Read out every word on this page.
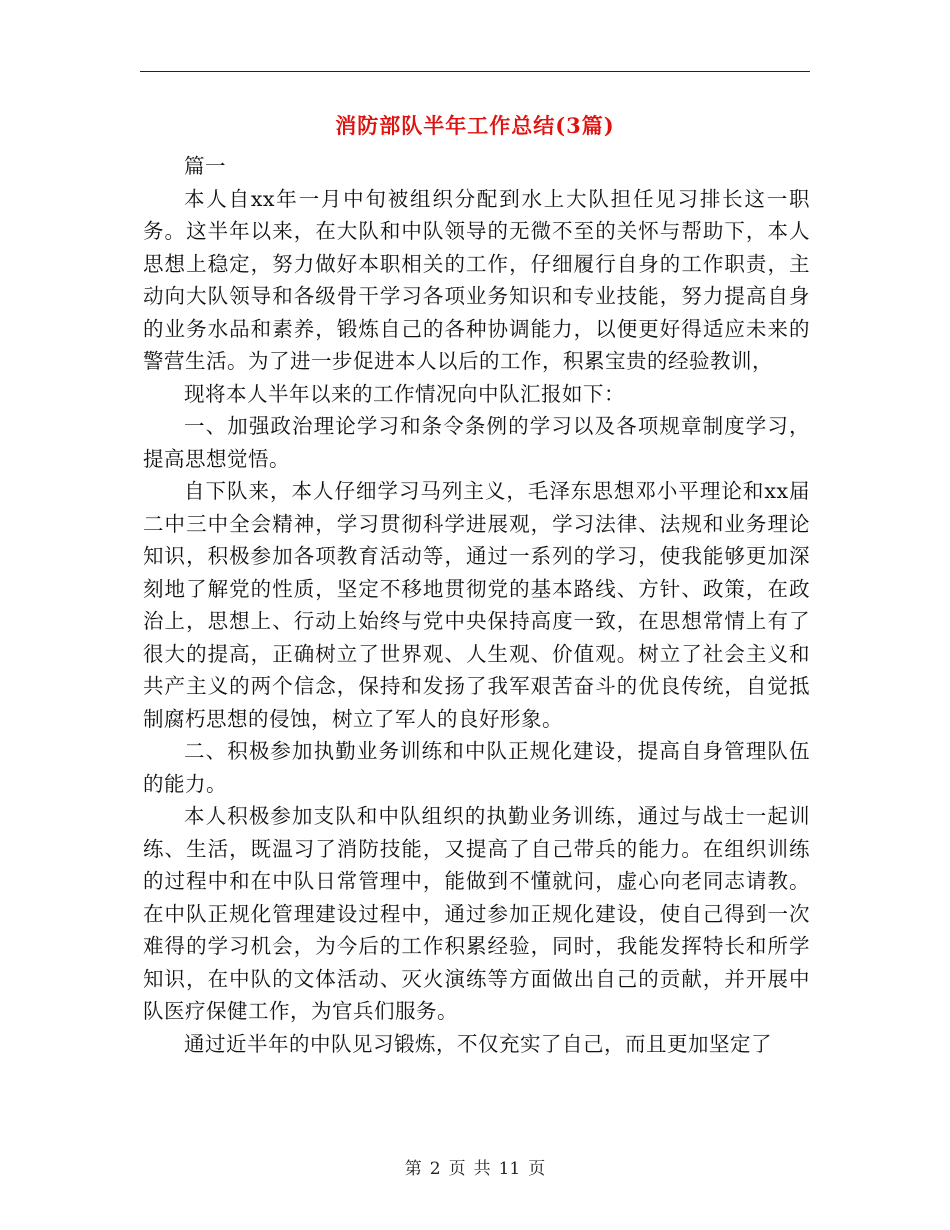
消防部队半年工作总结(3篇)

篇一

本人自xx年一月中旬被组织分配到水上大队担任见习排长这一职务。这半年以来，在大队和中队领导的无微不至的关怀与帮助下，本人思想上稳定，努力做好本职相关的工作，仔细履行自身的工作职责，主动向大队领导和各级骨干学习各项业务知识和专业技能，努力提高自身的业务水品和素养，锻炼自己的各种协调能力，以便更好得适应未来的警营生活。为了进一步促进本人以后的工作，积累宝贵的经验教训，

现将本人半年以来的工作情况向中队汇报如下：

一、加强政治理论学习和条令条例的学习以及各项规章制度学习，提高思想觉悟。

自下队来，本人仔细学习马列主义，毛泽东思想邓小平理论和xx届二中三中全会精神，学习贯彻科学进展观，学习法律、法规和业务理论知识，积极参加各项教育活动等，通过一系列的学习，使我能够更加深刻地了解党的性质，坚定不移地贯彻党的基本路线、方针、政策，在政治上，思想上、行动上始终与党中央保持高度一致，在思想常情上有了很大的提高，正确树立了世界观、人生观、价值观。树立了社会主义和共产主义的两个信念，保持和发扬了我军艰苦奋斗的优良传统，自觉抵制腐朽思想的侵蚀，树立了军人的良好形象。

二、积极参加执勤业务训练和中队正规化建设，提高自身管理队伍的能力。

本人积极参加支队和中队组织的执勤业务训练，通过与战士一起训练、生活，既温习了消防技能，又提高了自己带兵的能力。在组织训练的过程中和在中队日常管理中，能做到不懂就问，虚心向老同志请教。在中队正规化管理建设过程中，通过参加正规化建设，使自己得到一次难得的学习机会，为今后的工作积累经验，同时，我能发挥特长和所学知识，在中队的文体活动、灭火演练等方面做出自己的贡献，并开展中队医疗保健工作，为官兵们服务。

通过近半年的中队见习锻炼，不仅充实了自己，而且更加坚定了

第 2 页 共 11 页
